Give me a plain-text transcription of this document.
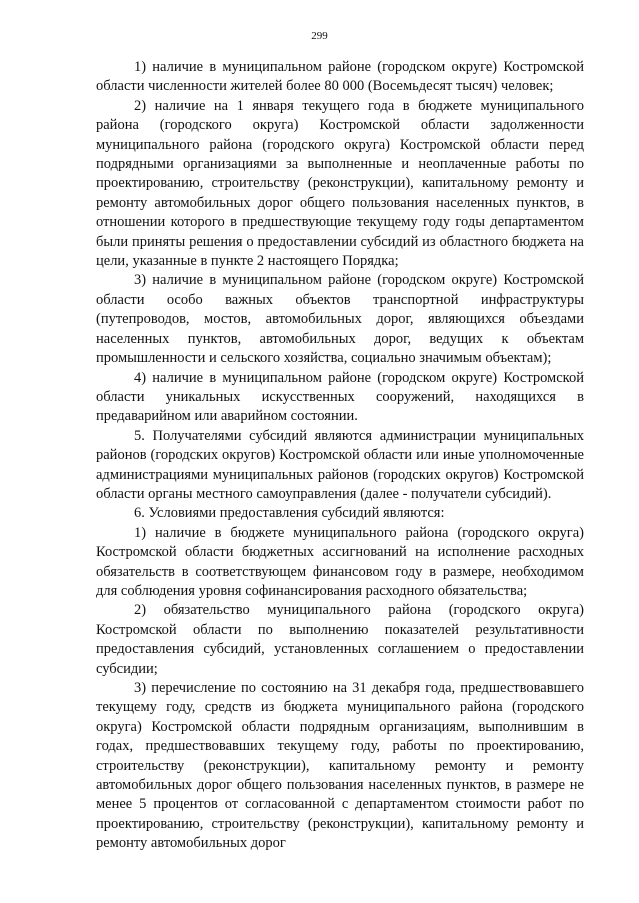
299

1) наличие в муниципальном районе (городском округе) Костромской области численности жителей более 80 000 (Восемьдесят тысяч) человек;

2) наличие на 1 января текущего года в бюджете муниципального района (городского округа) Костромской области задолженности муниципального района (городского округа) Костромской области перед подрядными организациями за выполненные и неоплаченные работы по проектированию, строительству (реконструкции), капитальному ремонту и ремонту автомобильных дорог общего пользования населенных пунктов, в отношении которого в предшествующие текущему году годы департаментом были приняты решения о предоставлении субсидий из областного бюджета на цели, указанные в пункте 2 настоящего Порядка;

3) наличие в муниципальном районе (городском округе) Костромской области особо важных объектов транспортной инфраструктуры (путепроводов, мостов, автомобильных дорог, являющихся объездами населенных пунктов, автомобильных дорог, ведущих к объектам промышленности и сельского хозяйства, социально значимым объектам);

4) наличие в муниципальном районе (городском округе) Костромской области уникальных искусственных сооружений, находящихся в предаварийном или аварийном состоянии.

5. Получателями субсидий являются администрации муниципальных районов (городских округов) Костромской области или иные уполномоченные администрациями муниципальных районов (городских округов) Костромской области органы местного самоуправления (далее - получатели субсидий).

6. Условиями предоставления субсидий являются:

1) наличие в бюджете муниципального района (городского округа) Костромской области бюджетных ассигнований на исполнение расходных обязательств в соответствующем финансовом году в размере, необходимом для соблюдения уровня софинансирования расходного обязательства;

2) обязательство муниципального района (городского округа) Костромской области по выполнению показателей результативности предоставления субсидий, установленных соглашением о предоставлении субсидии;

3) перечисление по состоянию на 31 декабря года, предшествовавшего текущему году, средств из бюджета муниципального района (городского округа) Костромской области подрядным организациям, выполнившим в годах, предшествовавших текущему году, работы по проектированию, строительству (реконструкции), капитальному ремонту и ремонту автомобильных дорог общего пользования населенных пунктов, в размере не менее 5 процентов от согласованной с департаментом стоимости работ по проектированию, строительству (реконструкции), капитальному ремонту и ремонту автомобильных дорог
